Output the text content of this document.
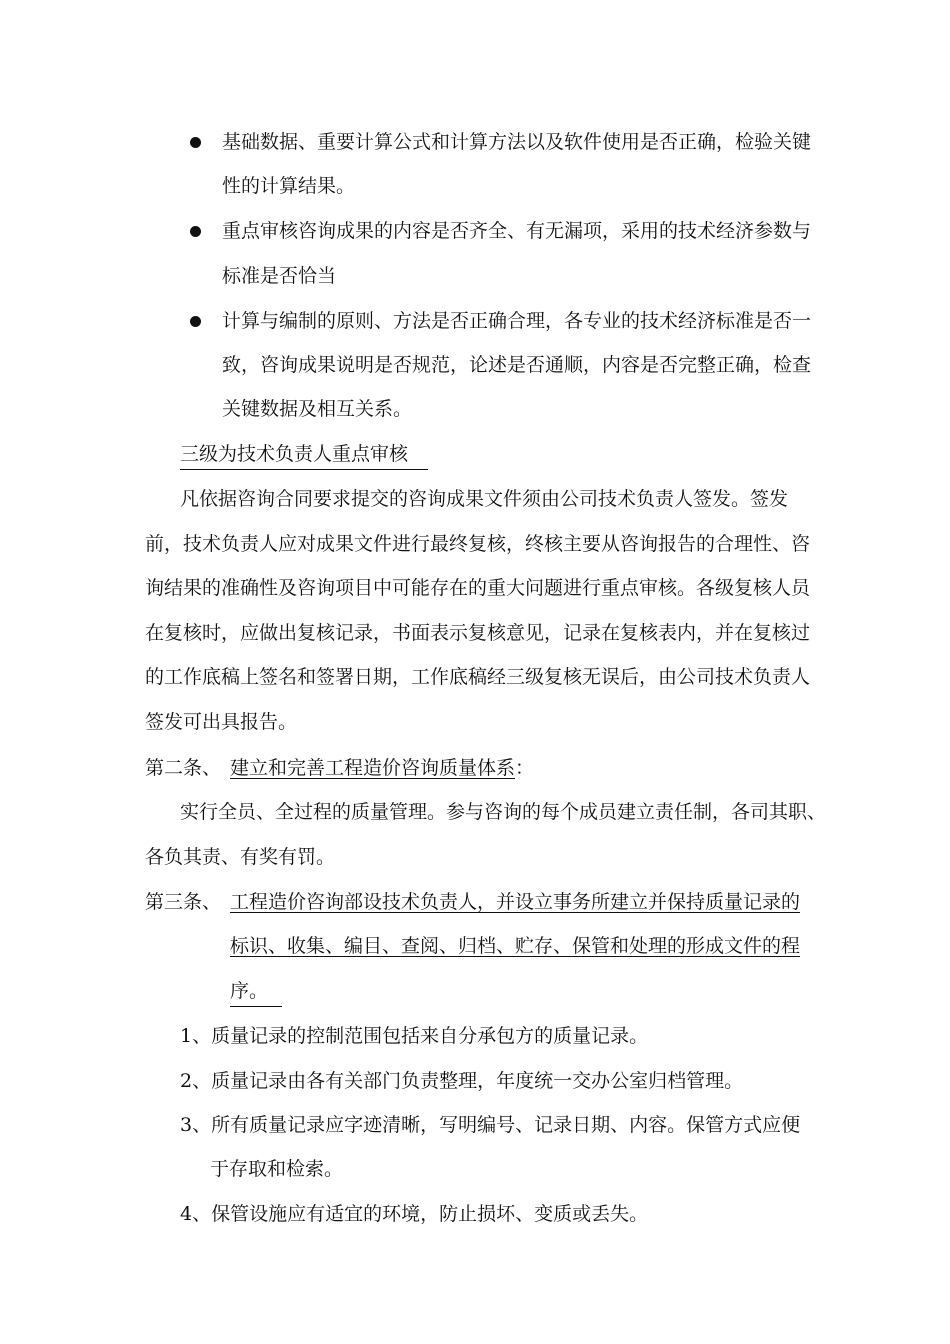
基础数据、重要计算公式和计算方法以及软件使用是否正确，检验关键
性的计算结果。
重点审核咨询成果的内容是否齐全、有无漏项，采用的技术经济参数与
标准是否恰当
计算与编制的原则、方法是否正确合理，各专业的技术经济标准是否一
致，咨询成果说明是否规范，论述是否通顺，内容是否完整正确，检查
关键数据及相互关系。
三级为技术负责人重点审核
凡依据咨询合同要求提交的咨询成果文件须由公司技术负责人签发。签发
前，技术负责人应对成果文件进行最终复核，终核主要从咨询报告的合理性、咨
询结果的准确性及咨询项目中可能存在的重大问题进行重点审核。各级复核人员
在复核时，应做出复核记录，书面表示复核意见，记录在复核表内，并在复核过
的工作底稿上签名和签署日期，工作底稿经三级复核无误后，由公司技术负责人
签发可出具报告。
第二条、 建立和完善工程造价咨询质量体系：
实行全员、全过程的质量管理。参与咨询的每个成员建立责任制，各司其职、
各负其责、有奖有罚。
第三条、 工程造价咨询部设技术负责人，并设立事务所建立并保持质量记录的
标识、收集、编目、查阅、归档、贮存、保管和处理的形成文件的程
序。
1、质量记录的控制范围包括来自分承包方的质量记录。
2、质量记录由各有关部门负责整理，年度统一交办公室归档管理。
3、所有质量记录应字迹清晰，写明编号、记录日期、内容。保管方式应便
于存取和检索。
4、保管设施应有适宜的环境，防止损坏、变质或丢失。
